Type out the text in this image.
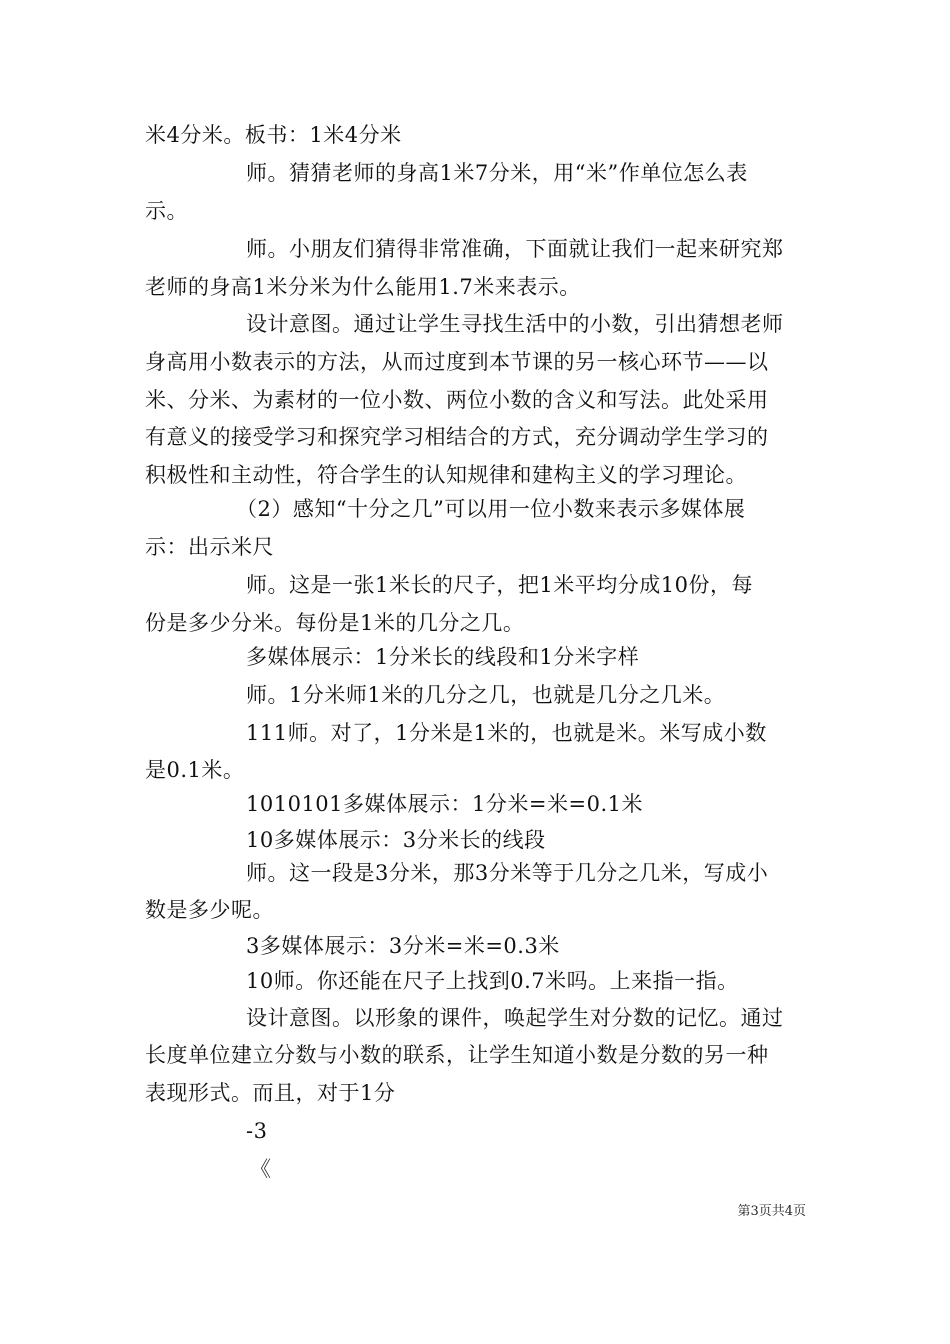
米4分米。板书：1米4分米
师。猜猜老师的身高1米7分米，用“米”作单位怎么表
示。
师。小朋友们猜得非常准确，下面就让我们一起来研究郑
老师的身高1米分米为什么能用1.7米来表示。
设计意图。通过让学生寻找生活中的小数，引出猜想老师
身高用小数表示的方法，从而过度到本节课的另一核心环节——以
米、分米、为素材的一位小数、两位小数的含义和写法。此处采用
有意义的接受学习和探究学习相结合的方式，充分调动学生学习的
积极性和主动性，符合学生的认知规律和建构主义的学习理论。
（2）感知“十分之几”可以用一位小数来表示多媒体展
示：出示米尺
师。这是一张1米长的尺子，把1米平均分成10份，每
份是多少分米。每份是1米的几分之几。
多媒体展示：1分米长的线段和1分米字样
师。1分米师1米的几分之几，也就是几分之几米。
111师。对了，1分米是1米的，也就是米。米写成小数
是0.1米。
1010101多媒体展示：1分米=米=0.1米
10多媒体展示：3分米长的线段
师。这一段是3分米，那3分米等于几分之几米，写成小
数是多少呢。
3多媒体展示：3分米=米=0.3米
10师。你还能在尺子上找到0.7米吗。上来指一指。
设计意图。以形象的课件，唤起学生对分数的记忆。通过
长度单位建立分数与小数的联系，让学生知道小数是分数的另一种
表现形式。而且，对于1分
-3
《
第3页共4页
